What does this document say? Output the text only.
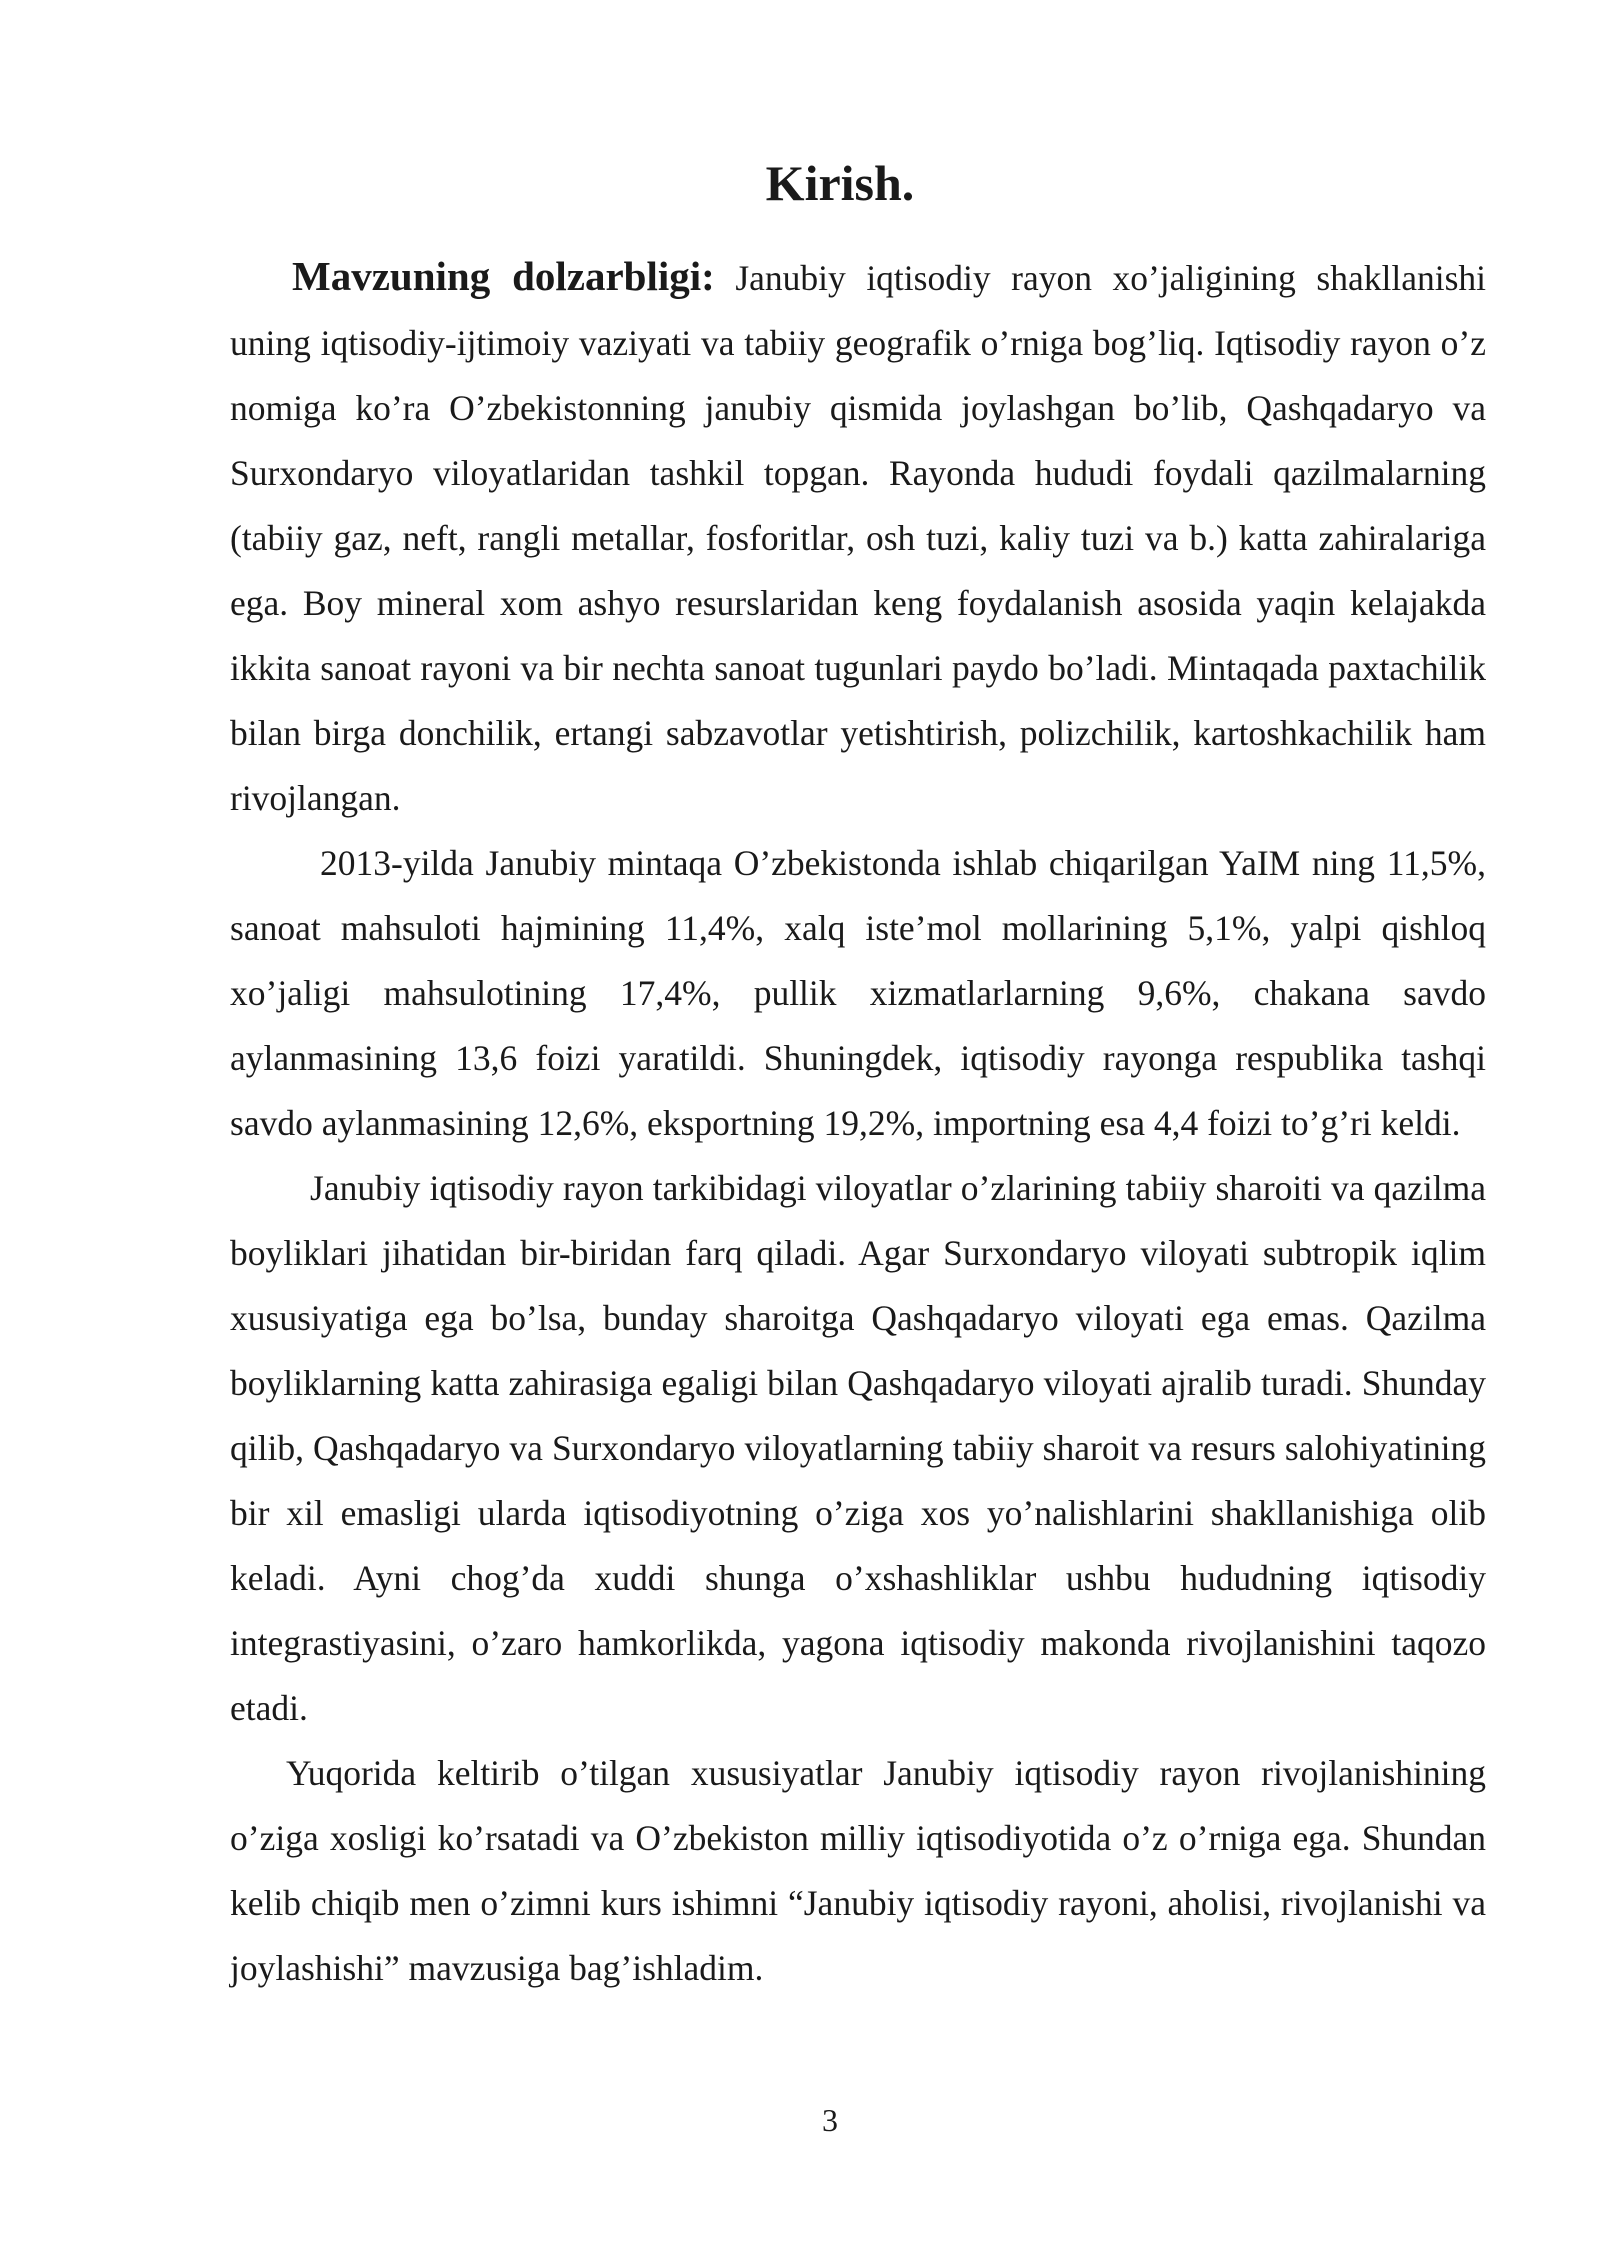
Kirish.

Mavzuning dolzarbligi: Janubiy iqtisodiy rayon xo’jaligining shakllanishi uning iqtisodiy-ijtimoiy vaziyati va tabiiy geografik o’rniga bog’liq. Iqtisodiy rayon o’z nomiga ko’ra O’zbekistonning janubiy qismida joylashgan bo’lib, Qashqadaryo va Surxondaryo viloyatlaridan tashkil topgan. Rayonda hududi foydali qazilmalarning (tabiiy gaz, neft, rangli metallar, fosforitlar, osh tuzi, kaliy tuzi va b.) katta zahiralariga ega. Boy mineral xom ashyo resurslaridan keng foydalanish asosida yaqin kelajakda ikkita sanoat rayoni va bir nechta sanoat tugunlari paydo bo’ladi. Mintaqada paxtachilik bilan birga donchilik, ertangi sabzavotlar yetishtirish, polizchilik, kartoshkachilik ham rivojlangan.

2013-yilda Janubiy mintaqa O’zbekistonda ishlab chiqarilgan YaIM ning 11,5%, sanoat mahsuloti hajmining 11,4%, xalq iste’mol mollarining 5,1%, yalpi qishloq xo’jaligi mahsulotining 17,4%, pullik xizmatlarlarning 9,6%, chakana savdo aylanmasining 13,6 foizi yaratildi. Shuningdek, iqtisodiy rayonga respublika tashqi savdo aylanmasining 12,6%, eksportning 19,2%, importning esa 4,4 foizi to’g’ri keldi.

Janubiy iqtisodiy rayon tarkibidagi viloyatlar o’zlarining tabiiy sharoiti va qazilma boyliklari jihatidan bir-biridan farq qiladi. Agar Surxondaryo viloyati subtropik iqlim xususiyatiga ega bo’lsa, bunday sharoitga Qashqadaryo viloyati ega emas. Qazilma boyliklarning katta zahirasiga egaligi bilan Qashqadaryo viloyati ajralib turadi. Shunday qilib, Qashqadaryo va Surxondaryo viloyatlarning tabiiy sharoit va resurs salohiyatining bir xil emasligi ularda iqtisodiyotning o’ziga xos yo’nalishlarini shakllanishiga olib keladi. Ayni chog’da xuddi shunga o’xshashliklar ushbu hududning iqtisodiy integrastiyasini, o’zaro hamkorlikda, yagona iqtisodiy makonda rivojlanishini taqozo etadi.

Yuqorida keltirib o’tilgan xususiyatlar Janubiy iqtisodiy rayon rivojlanishining o’ziga xosligi ko’rsatadi va O’zbekiston milliy iqtisodiyotida o’z o’rniga ega. Shundan kelib chiqib men o’zimni kurs ishimni “Janubiy iqtisodiy rayoni, aholisi, rivojlanishi va joylashishi” mavzusiga bag’ishladim.

3
